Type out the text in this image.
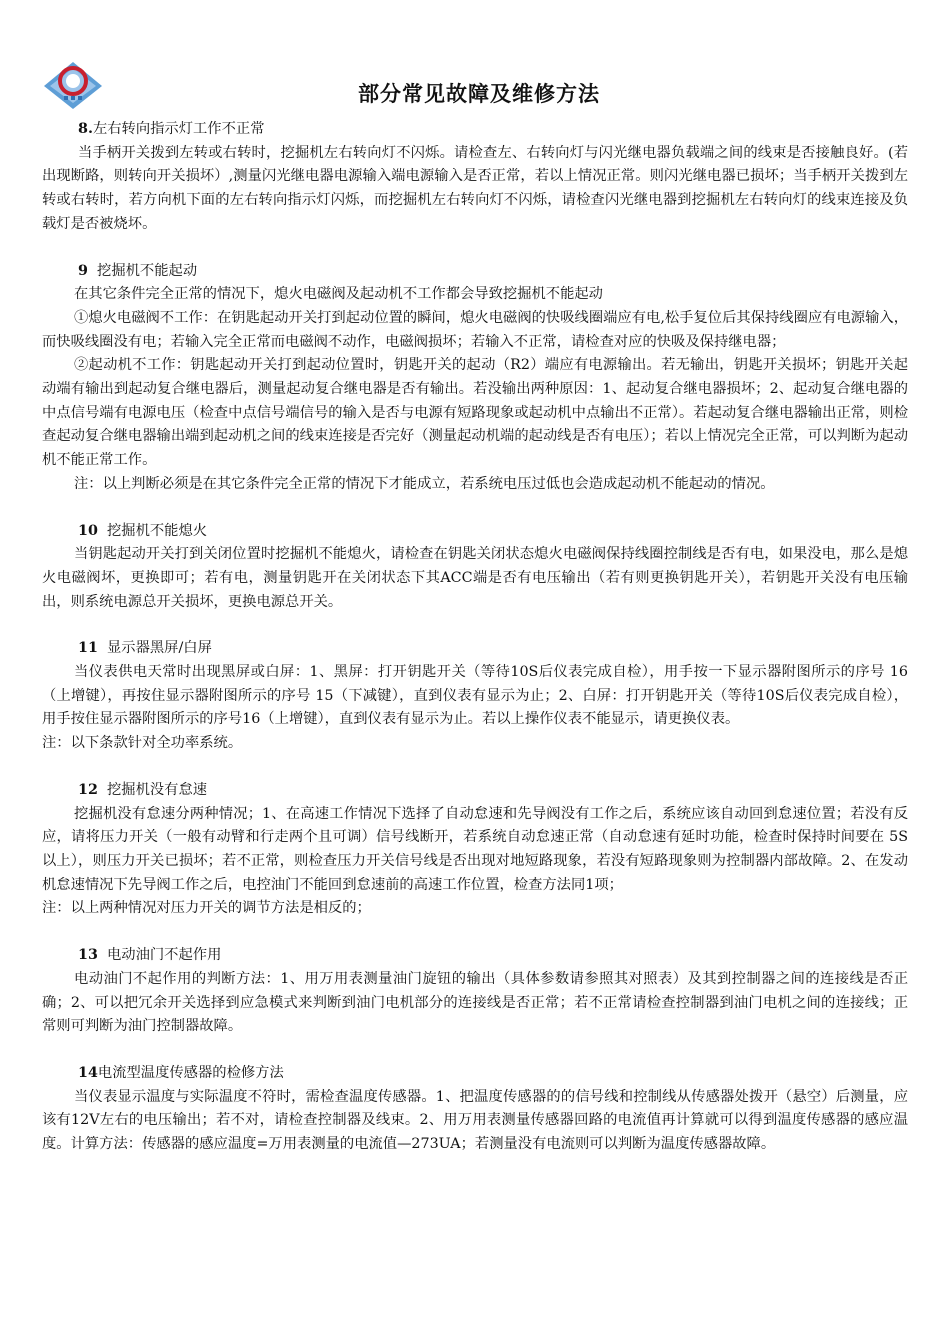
部分常见故障及维修方法
8.左右转向指示灯工作不正常
当手柄开关拨到左转或右转时，挖掘机左右转向灯不闪烁。请检查左、右转向灯与闪光继电器负载端之间的线束是否接触良好。(若出现断路，则转向开关损坏）,测量闪光继电器电源输入端电源输入是否正常，若以上情况正常。则闪光继电器已损坏；当手柄开关拨到左转或右转时，若方向机下面的左右转向指示灯闪烁，而挖掘机左右转向灯不闪烁，请检查闪光继电器到挖掘机左右转向灯的线束连接及负载灯是否被烧坏。
9 挖掘机不能起动
在其它条件完全正常的情况下，熄火电磁阀及起动机不工作都会导致挖掘机不能起动
①熄火电磁阀不工作：在钥匙起动开关打到起动位置的瞬间，熄火电磁阀的快吸线圈端应有电,松手复位后其保持线圈应有电源输入，而快吸线圈没有电；若输入完全正常而电磁阀不动作，电磁阀损坏；若输入不正常，请检查对应的快吸及保持继电器；
②起动机不工作：钥匙起动开关打到起动位置时，钥匙开关的起动（R2）端应有电源输出。若无输出，钥匙开关损坏；钥匙开关起动端有输出到起动复合继电器后，测量起动复合继电器是否有输出。若没输出两种原因：1、起动复合继电器损坏；2、起动复合继电器的中点信号端有电源电压（检查中点信号端信号的输入是否与电源有短路现象或起动机中点输出不正常）。若起动复合继电器输出正常，则检查起动复合继电器输出端到起动机之间的线束连接是否完好（测量起动机端的起动线是否有电压）；若以上情况完全正常，可以判断为起动机不能正常工作。
注：以上判断必须是在其它条件完全正常的情况下才能成立，若系统电压过低也会造成起动机不能起动的情况。
10 挖掘机不能熄火
当钥匙起动开关打到关闭位置时挖掘机不能熄火，请检查在钥匙关闭状态熄火电磁阀保持线圈控制线是否有电，如果没电，那么是熄火电磁阀坏，更换即可；若有电，测量钥匙开在关闭状态下其ACC端是否有电压输出（若有则更换钥匙开关），若钥匙开关没有电压输出，则系统电源总开关损坏，更换电源总开关。
11 显示器黑屏/白屏
当仪表供电天常时出现黑屏或白屏：1、黑屏：打开钥匙开关（等待10S后仪表完成自检），用手按一下显示器附图所示的序号 16（上增键），再按住显示器附图所示的序号 15（下减键），直到仪表有显示为止；2、白屏：打开钥匙开关（等待10S后仪表完成自检），用手按住显示器附图所示的序号16（上增键），直到仪表有显示为止。若以上操作仪表不能显示，请更换仪表。
注：以下条款针对全功率系统。
12 挖掘机没有怠速
挖掘机没有怠速分两种情况；1、在高速工作情况下选择了自动怠速和先导阀没有工作之后，系统应该自动回到怠速位置；若没有反应，请将压力开关（一般有动臂和行走两个且可调）信号线断开，若系统自动怠速正常（自动怠速有延时功能，检查时保持时间要在 5S 以上），则压力开关已损坏；若不正常，则检查压力开关信号线是否出现对地短路现象，若没有短路现象则为控制器内部故障。2、在发动机怠速情况下先导阀工作之后，电控油门不能回到怠速前的高速工作位置，检查方法同1项；
注：以上两种情况对压力开关的调节方法是相反的；
13 电动油门不起作用
电动油门不起作用的判断方法：1、用万用表测量油门旋钮的输出（具体参数请参照其对照表）及其到控制器之间的连接线是否正确；2、可以把冗余开关选择到应急模式来判断到油门电机部分的连接线是否正常；若不正常请检查控制器到油门电机之间的连接线；正常则可判断为油门控制器故障。
14电流型温度传感器的检修方法
当仪表显示温度与实际温度不符时，需检查温度传感器。1、把温度传感器的的信号线和控制线从传感器处拨开（悬空）后测量，应该有12V左右的电压输出；若不对，请检查控制器及线束。2、用万用表测量传感器回路的电流值再计算就可以得到温度传感器的感应温度。计算方法：传感器的感应温度=万用表测量的电流值—273UA；若测量没有电流则可以判断为温度传感器故障。
